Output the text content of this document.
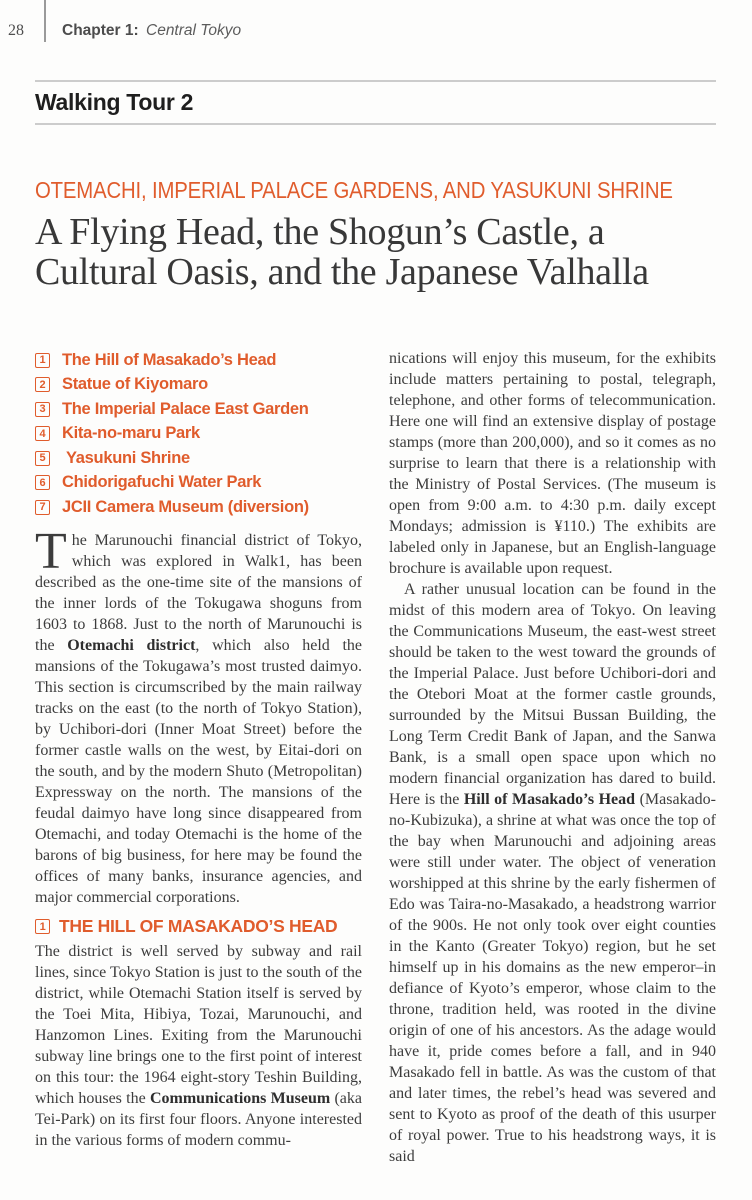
28 Chapter 1: Central Tokyo
Walking Tour 2
OTEMACHI, IMPERIAL PALACE GARDENS, AND YASUKUNI SHRINE
A Flying Head, the Shogun’s Castle, a
Cultural Oasis, and the Japanese Valhalla
1 The Hill of Masakado’s Head
2 Statue of Kiyomaro
3 The Imperial Palace East Garden
4 Kita-no-maru Park
5 Yasukuni Shrine
6 Chidorigafuchi Water Park
7 JCII Camera Museum (diversion)

The Marunouchi financial district of Tokyo, which was explored in Walk1, has been described as the one-time site of the mansions of the inner lords of the Tokugawa shoguns from 1603 to 1868. Just to the north of Marunouchi is the Otemachi district, which also held the mansions of the Tokugawa’s most trusted daimyo. This section is circumscribed by the main railway tracks on the east (to the north of Tokyo Station), by Uchibori-dori (Inner Moat Street) before the former castle walls on the west, by Eitai-dori on the south, and by the modern Shuto (Metropolitan) Expressway on the north. The mansions of the feudal daimyo have long since disappeared from Otemachi, and today Otemachi is the home of the barons of big business, for here may be found the offices of many banks, insurance agencies, and major commercial corporations.

1 THE HILL OF MASAKADO’S HEAD

The district is well served by subway and rail lines, since Tokyo Station is just to the south of the district, while Otemachi Station itself is served by the Toei Mita, Hibiya, Tozai, Marunouchi, and Hanzomon Lines. Exiting from the Marunouchi subway line brings one to the first point of interest on this tour: the 1964 eight-story Teshin Building, which houses the Communications Museum (aka Tei-Park) on its first four floors. Anyone interested in the various forms of modern commu-

nications will enjoy this museum, for the exhibits include matters pertaining to postal, telegraph, telephone, and other forms of telecommunication. Here one will find an extensive display of postage stamps (more than 200,000), and so it comes as no surprise to learn that there is a relationship with the Ministry of Postal Services. (The museum is open from 9:00 a.m. to 4:30 p.m. daily except Mondays; admission is ¥110.) The exhibits are labeled only in Japanese, but an English-language brochure is available upon request.

A rather unusual location can be found in the midst of this modern area of Tokyo. On leaving the Communications Museum, the east-west street should be taken to the west toward the grounds of the Imperial Palace. Just before Uchibori-dori and the Otebori Moat at the former castle grounds, surrounded by the Mitsui Bussan Building, the Long Term Credit Bank of Japan, and the Sanwa Bank, is a small open space upon which no modern financial organization has dared to build. Here is the Hill of Masakado’s Head (Masakado-no-Kubizuka), a shrine at what was once the top of the bay when Marunouchi and adjoining areas were still under water. The object of veneration worshipped at this shrine by the early fishermen of Edo was Taira-no-Masakado, a headstrong warrior of the 900s. He not only took over eight counties in the Kanto (Greater Tokyo) region, but he set himself up in his domains as the new emperor–in defiance of Kyoto’s emperor, whose claim to the throne, tradition held, was rooted in the divine origin of one of his ancestors. As the adage would have it, pride comes before a fall, and in 940 Masakado fell in battle. As was the custom of that and later times, the rebel’s head was severed and sent to Kyoto as proof of the death of this usurper of royal power. True to his headstrong ways, it is said
